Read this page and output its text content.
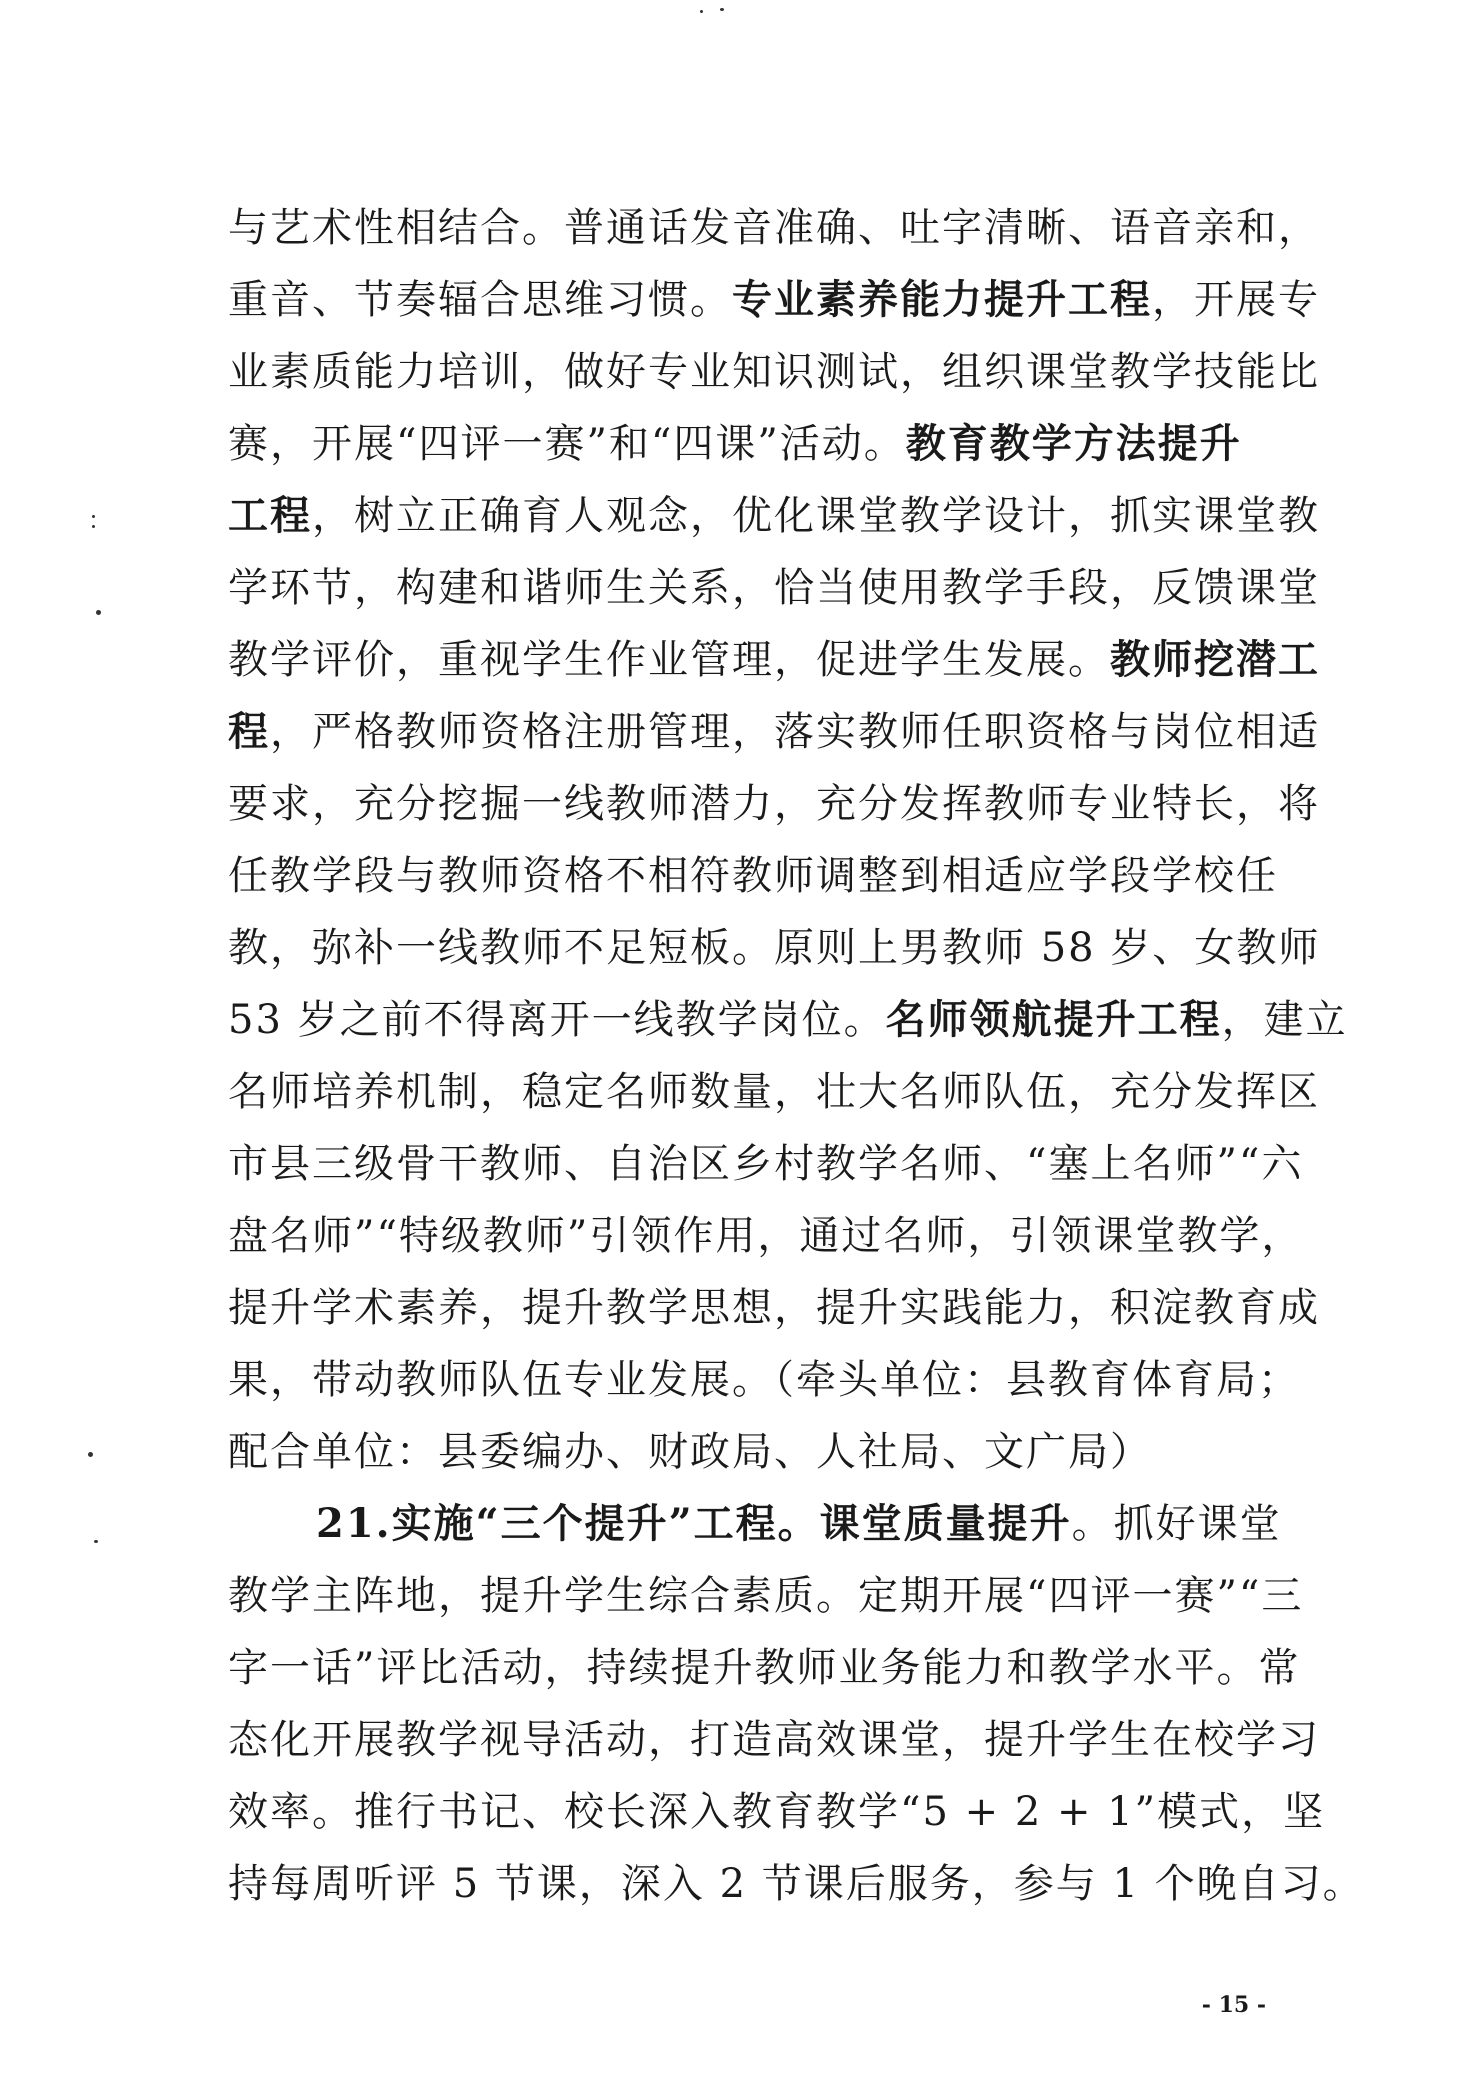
与艺术性相结合。普通话发音准确、吐字清晰、语音亲和，
重音、节奏辐合思维习惯。专业素养能力提升工程，开展专
业素质能力培训，做好专业知识测试，组织课堂教学技能比
赛，开展“四评一赛”和“四课”活动。教育教学方法提升
工程，树立正确育人观念，优化课堂教学设计，抓实课堂教
学环节，构建和谐师生关系，恰当使用教学手段，反馈课堂
教学评价，重视学生作业管理，促进学生发展。教师挖潜工
程，严格教师资格注册管理，落实教师任职资格与岗位相适
要求，充分挖掘一线教师潜力，充分发挥教师专业特长，将
任教学段与教师资格不相符教师调整到相适应学段学校任
教，弥补一线教师不足短板。原则上男教师 58 岁、女教师
53 岁之前不得离开一线教学岗位。名师领航提升工程，建立
名师培养机制，稳定名师数量，壮大名师队伍，充分发挥区
市县三级骨干教师、自治区乡村教学名师、“塞上名师”“六
盘名师”“特级教师”引领作用，通过名师，引领课堂教学，
提升学术素养，提升教学思想，提升实践能力，积淀教育成
果，带动教师队伍专业发展。（牵头单位：县教育体育局；
配合单位：县委编办、财政局、人社局、文广局）
21.实施“三个提升”工程。课堂质量提升。抓好课堂
教学主阵地，提升学生综合素质。定期开展“四评一赛”“三
字一话”评比活动，持续提升教师业务能力和教学水平。常
态化开展教学视导活动，打造高效课堂，提升学生在校学习
效率。推行书记、校长深入教育教学“5 + 2 + 1”模式，坚
持每周听评 5 节课，深入 2 节课后服务，参与 1 个晚自习。
- 15 -
